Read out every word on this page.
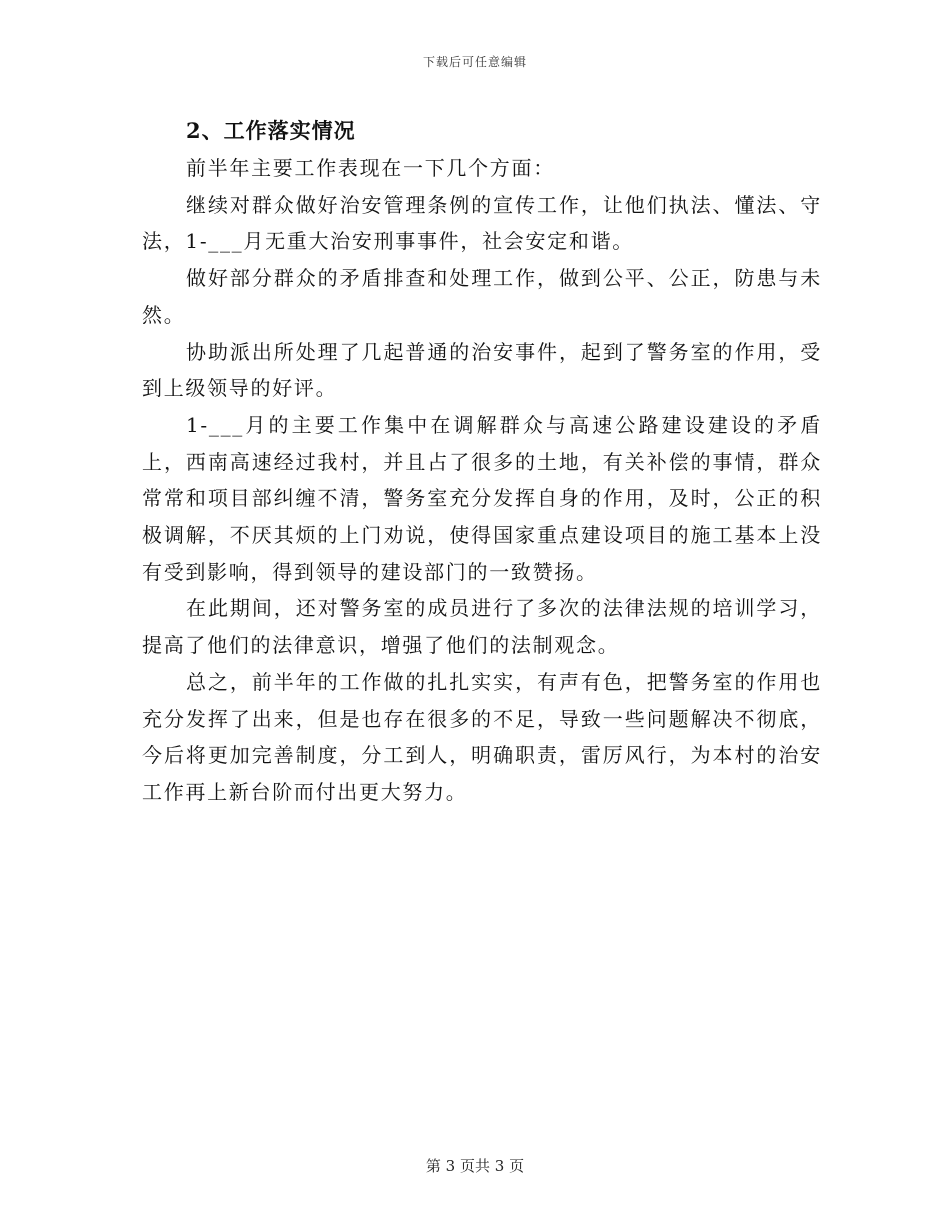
下载后可任意编辑
2、工作落实情况

前半年主要工作表现在一下几个方面：

继续对群众做好治安管理条例的宣传工作，让他们执法、懂法、守法，1-___月无重大治安刑事事件，社会安定和谐。

做好部分群众的矛盾排查和处理工作，做到公平、公正，防患与未然。

协助派出所处理了几起普通的治安事件，起到了警务室的作用，受到上级领导的好评。

1-___月的主要工作集中在调解群众与高速公路建设建设的矛盾上，西南高速经过我村，并且占了很多的土地，有关补偿的事情，群众常常和项目部纠缠不清，警务室充分发挥自身的作用，及时，公正的积极调解，不厌其烦的上门劝说，使得国家重点建设项目的施工基本上没有受到影响，得到领导的建设部门的一致赞扬。

在此期间，还对警务室的成员进行了多次的法律法规的培训学习，提高了他们的法律意识，增强了他们的法制观念。

总之，前半年的工作做的扎扎实实，有声有色，把警务室的作用也充分发挥了出来，但是也存在很多的不足，导致一些问题解决不彻底，今后将更加完善制度，分工到人，明确职责，雷厉风行，为本村的治安工作再上新台阶而付出更大努力。

第 3 页共 3 页
